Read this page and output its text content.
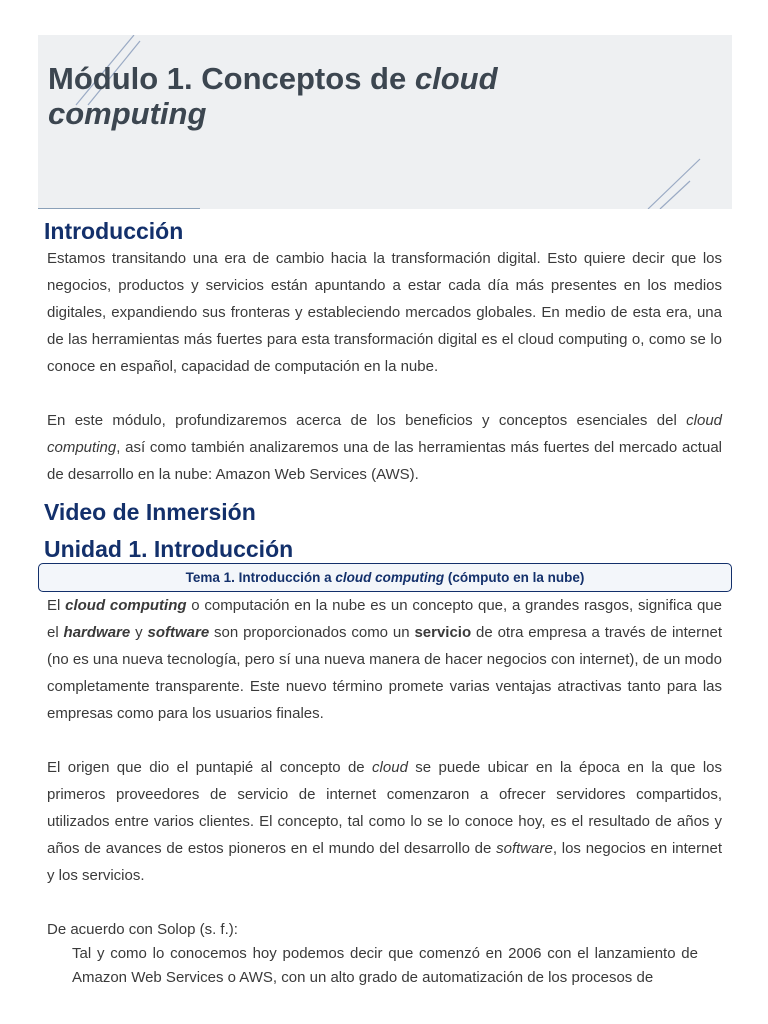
Módulo 1. Conceptos de cloud computing
Introducción

Estamos transitando una era de cambio hacia la transformación digital. Esto quiere decir que los negocios, productos y servicios están apuntando a estar cada día más presentes en los medios digitales, expandiendo sus fronteras y estableciendo mercados globales. En medio de esta era, una de las herramientas más fuertes para esta transformación digital es el cloud computing o, como se lo conoce en español, capacidad de computación en la nube.

En este módulo, profundizaremos acerca de los beneficios y conceptos esenciales del cloud computing, así como también analizaremos una de las herramientas más fuertes del mercado actual de desarrollo en la nube: Amazon Web Services (AWS).

Video de Inmersión
Unidad 1. Introducción
Tema 1. Introducción a cloud computing (cómputo en la nube)

El cloud computing o computación en la nube es un concepto que, a grandes rasgos, significa que el hardware y software son proporcionados como un servicio de otra empresa a través de internet (no es una nueva tecnología, pero sí una nueva manera de hacer negocios con internet), de un modo completamente transparente. Este nuevo término promete varias ventajas atractivas tanto para las empresas como para los usuarios finales.

El origen que dio el puntapié al concepto de cloud se puede ubicar en la época en la que los primeros proveedores de servicio de internet comenzaron a ofrecer servidores compartidos, utilizados entre varios clientes. El concepto, tal como lo se lo conoce hoy, es el resultado de años y años de avances de estos pioneros en el mundo del desarrollo de software, los negocios en internet y los servicios.

De acuerdo con Solop (s. f.):

Tal y como lo conocemos hoy podemos decir que comenzó en 2006 con el lanzamiento de Amazon Web Services o AWS, con un alto grado de automatización de los procesos de
